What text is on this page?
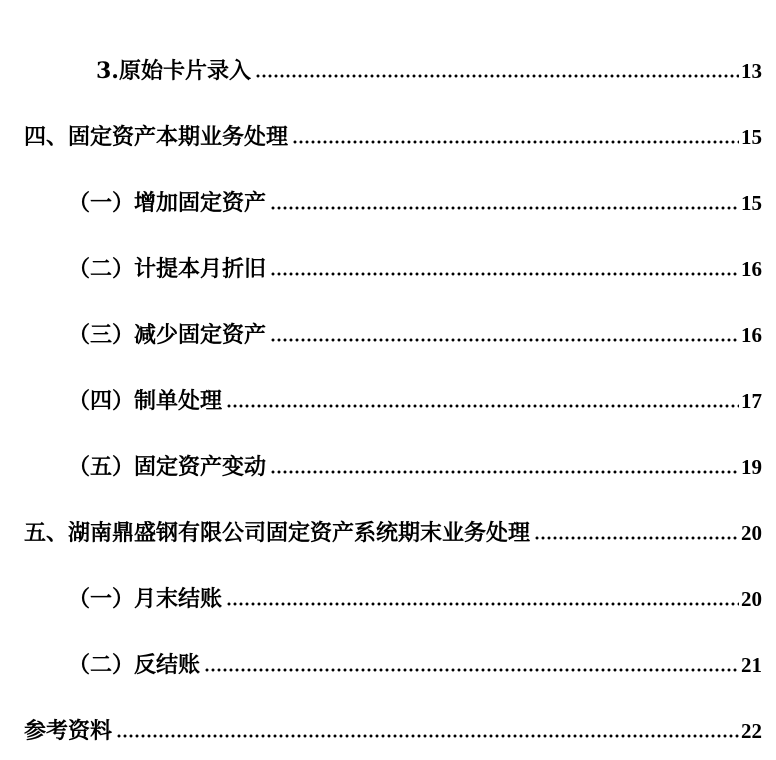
3.原始卡片录入	13
四、固定资产本期业务处理	15
（一）增加固定资产	15
（二）计提本月折旧	16
（三）减少固定资产	16
（四）制单处理	17
（五）固定资产变动	19
五、湖南鼎盛钢有限公司固定资产系统期末业务处理	20
（一）月末结账	20
（二）反结账	21
参考资料	22
